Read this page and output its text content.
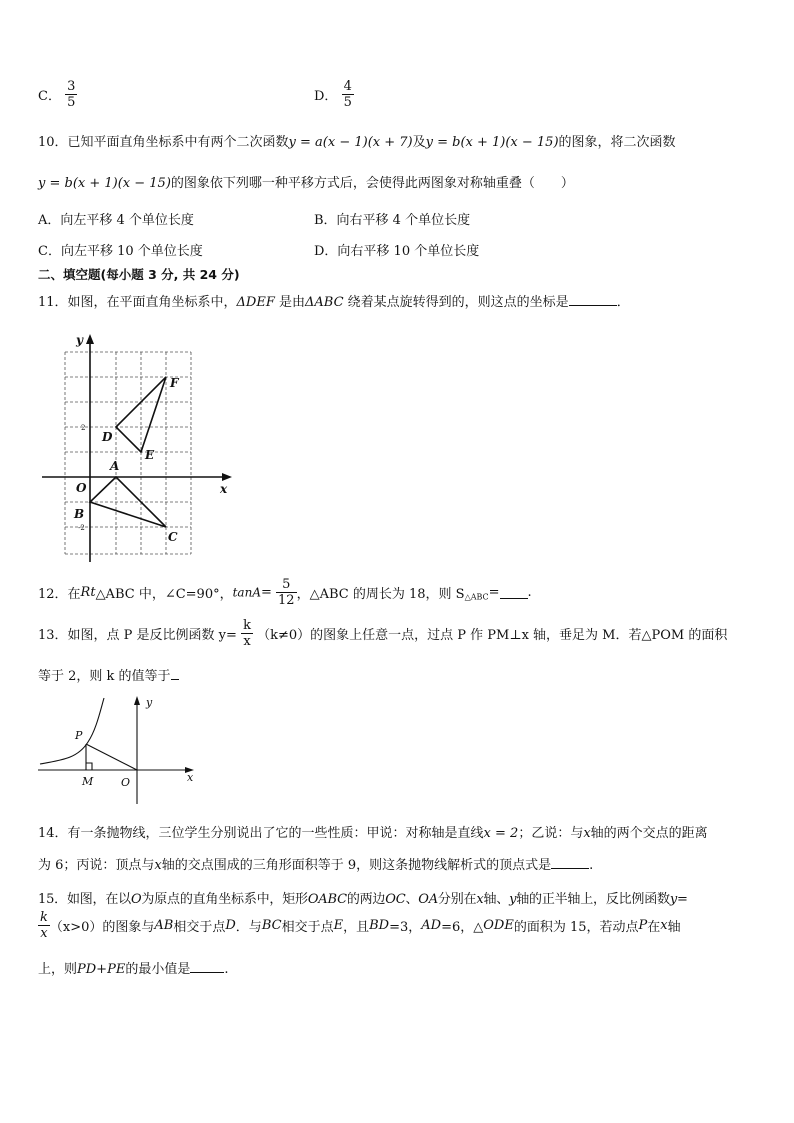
C． $\frac{3}{5}$	D． $\frac{4}{5}$
10．已知平面直角坐标系中有两个二次函数y = a(x − 1)(x + 7)及y = b(x + 1)(x − 15)的图象，将二次函数
y = b(x + 1)(x − 15)的图象依下列哪一种平移方式后，会使得此两图象对称轴重叠（　　）
A．向左平移 4 个单位长度	B．向右平移 4 个单位长度
C．向左平移 10 个单位长度	D．向右平移 10 个单位长度
二、填空题(每小题 3 分, 共 24 分)
11．如图，在平面直角坐标系中，ΔDEF 是由ΔABC 绕着某点旋转得到的，则这点的坐标是	．
y
x
O
A
B
C
D
E
F
2
-2
12．在Rt△ABC 中，∠C=90°，$\tan A= \frac{5}{12}$ ，△ABC 的周长为 18，则 $S_{\triangle ABC}=$ .
13．如图，点 P 是反比例函数 $y= \frac{k}{x} (k\ne 0)$的图象上任意一点，过点 P 作 PM⊥x 轴，垂足为 M．若△POM 的面积
等于 2，则 k 的值等于
y
x
P
M	O
14．有一条抛物线，三位学生分别说出了它的一些性质：甲说：对称轴是直线x = 2；乙说：与x轴的两个交点的距离
为 6；丙说：顶点与x轴的交点围成的三角形面积等于 9，则这条抛物线解析式的顶点式是	.
15．如图，在以O为原点的直角坐标系中，矩形OABC的两边OC、OA分别在x轴、y轴的正半轴上，反比例函数y=
$\frac{k}{x} (x>0)$的图象与AB相交于点D．与BC相交于点E，且BD=3，AD=6，△ODE的面积为 15，若动点P在x轴
上，则PD+PE的最小值是	.
